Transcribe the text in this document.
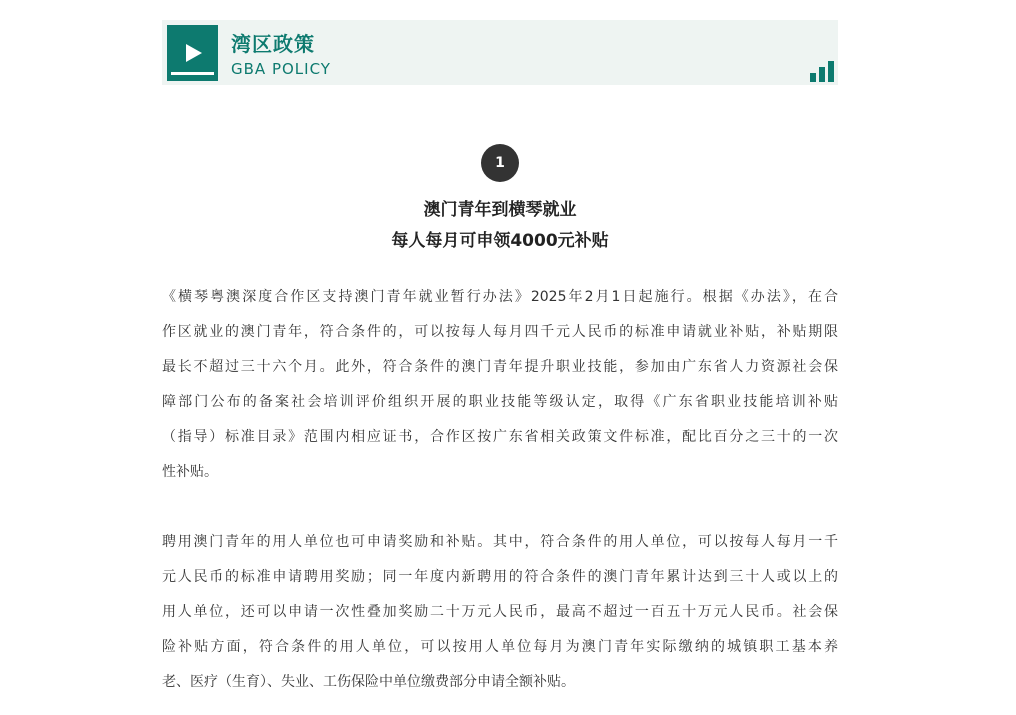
湾区政策
GBA POLICY
1
澳门青年到横琴就业
每人每月可申领4000元补贴
《横琴粤澳深度合作区支持澳门青年就业暂行办法》2025年2月1日起施行。根据《办法》，在合
作区就业的澳门青年，符合条件的，可以按每人每月四千元人民币的标准申请就业补贴，补贴期限
最长不超过三十六个月。此外，符合条件的澳门青年提升职业技能，参加由广东省人力资源社会保
障部门公布的备案社会培训评价组织开展的职业技能等级认定，取得《广东省职业技能培训补贴
（指导）标准目录》范围内相应证书，合作区按广东省相关政策文件标准，配比百分之三十的一次
性补贴。
聘用澳门青年的用人单位也可申请奖励和补贴。其中，符合条件的用人单位，可以按每人每月一千
元人民币的标准申请聘用奖励；同一年度内新聘用的符合条件的澳门青年累计达到三十人或以上的
用人单位，还可以申请一次性叠加奖励二十万元人民币，最高不超过一百五十万元人民币。社会保
险补贴方面，符合条件的用人单位，可以按用人单位每月为澳门青年实际缴纳的城镇职工基本养
老、医疗（生育）、失业、工伤保险中单位缴费部分申请全额补贴。
